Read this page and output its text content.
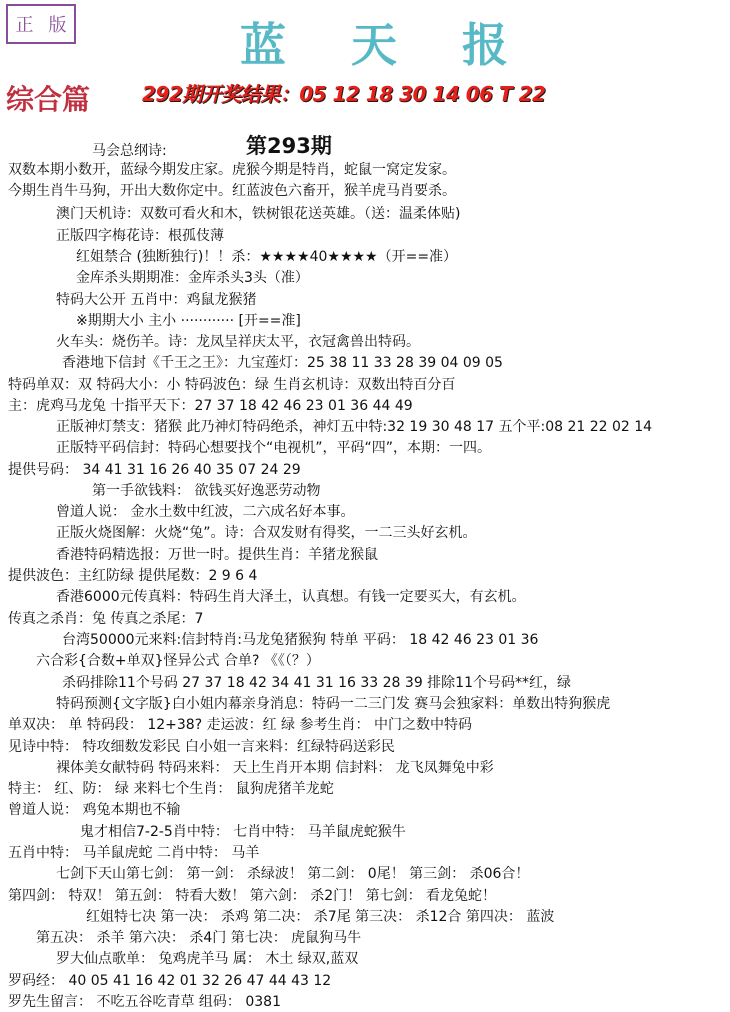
正 版	蓝 天 报
综合篇	292期开奖结果：05 12 18 30 14 06 T 22
马会总纲诗:	第293期
双数本期小数开，蓝绿今期发庄家。虎猴今期是特肖，蛇鼠一窝定发家。
今期生肖牛马狗，开出大数你定中。红蓝波色六畜开，猴羊虎马肖要杀。
澳门天机诗：双数可看火和木，铁树银花送英雄。（送：温柔体贴)
正版四字梅花诗：根孤伎薄
红姐禁合 (独断独行)！！杀：★★★★40★★★★（开==准）
金库杀头期期准：金库杀头3头（准）
特码大公开 五肖中：鸡鼠龙猴猪
※期期大小 主小 ············ [开==准]
火车头：烧伤羊。诗：龙凤呈祥庆太平，衣冠禽兽出特码。
香港地下信封《千王之王》：九宝莲灯：25 38 11 33 28 39 04 09 05
特码单双：双 特码大小：小 特码波色：绿 生肖玄机诗：双数出特百分百
主：虎鸡马龙兔 十指平天下：27 37 18 42 46 23 01 36 44 49
正版神灯禁支：猪猴 此乃神灯特码绝杀，神灯五中特:32 19 30 48 17 五个平:08 21 22 02 14
正版特平码信封：特码心想要找个“电视机”，平码“四”，本期：一四。
提供号码： 34 41 31 16 26 40 35 07 24 29
第一手欲钱料： 欲钱买好逸恶劳动物
曾道人说： 金水土数中红波，二六成名好本事。
正版火烧图解：火烧“兔”。诗：合双发财有得奖，一二三头好玄机。
香港特码精选报：万世一时。提供生肖：羊猪龙猴鼠
提供波色：主红防绿 提供尾数：2 9 6 4
香港6000元传真料：特码生肖大泽土，认真想。有钱一定要买大，有玄机。
传真之杀肖：兔 传真之杀尾：7
台湾50000元来料:信封特肖:马龙兔猪猴狗 特单 平码： 18 42 46 23 01 36
六合彩{合数+单双}怪异公式 合单? 《《（？）
杀码排除11个号码 27 37 18 42 34 41 31 16 33 28 39 排除11个号码**红，绿
特码预测{文字版}白小姐内幕亲身消息：特码一二三门发 赛马会独家料：单数出特狗猴虎
单双决： 单 特码段： 12+38? 走运波：红 绿 参考生肖： 中门之数中特码
见诗中特： 特攻细数发彩民 白小姐一言来料：红绿特码送彩民
裸体美女献特码 特码来料： 天上生肖开本期 信封料： 龙飞凤舞兔中彩
特主： 红、防： 绿 来料七个生肖： 鼠狗虎猪羊龙蛇
曾道人说： 鸡兔本期也不输
鬼才相信7-2-5肖中特： 七肖中特： 马羊鼠虎蛇猴牛
五肖中特： 马羊鼠虎蛇 二肖中特： 马羊
七剑下天山第七剑： 第一剑： 杀绿波！ 第二剑： 0尾！ 第三剑： 杀06合！
第四剑： 特双！ 第五剑： 特看大数！ 第六剑： 杀2门！ 第七剑： 看龙兔蛇！
红姐特七决 第一决： 杀鸡 第二决： 杀7尾 第三决： 杀12合 第四决： 蓝波
第五决： 杀羊 第六决： 杀4门 第七决： 虎鼠狗马牛
罗大仙点歌单： 兔鸡虎羊马 属： 木土 绿双,蓝双
罗码经： 40 05 41 16 42 01 32 26 47 44 43 12
罗先生留言： 不吃五谷吃青草 组码： 0381
